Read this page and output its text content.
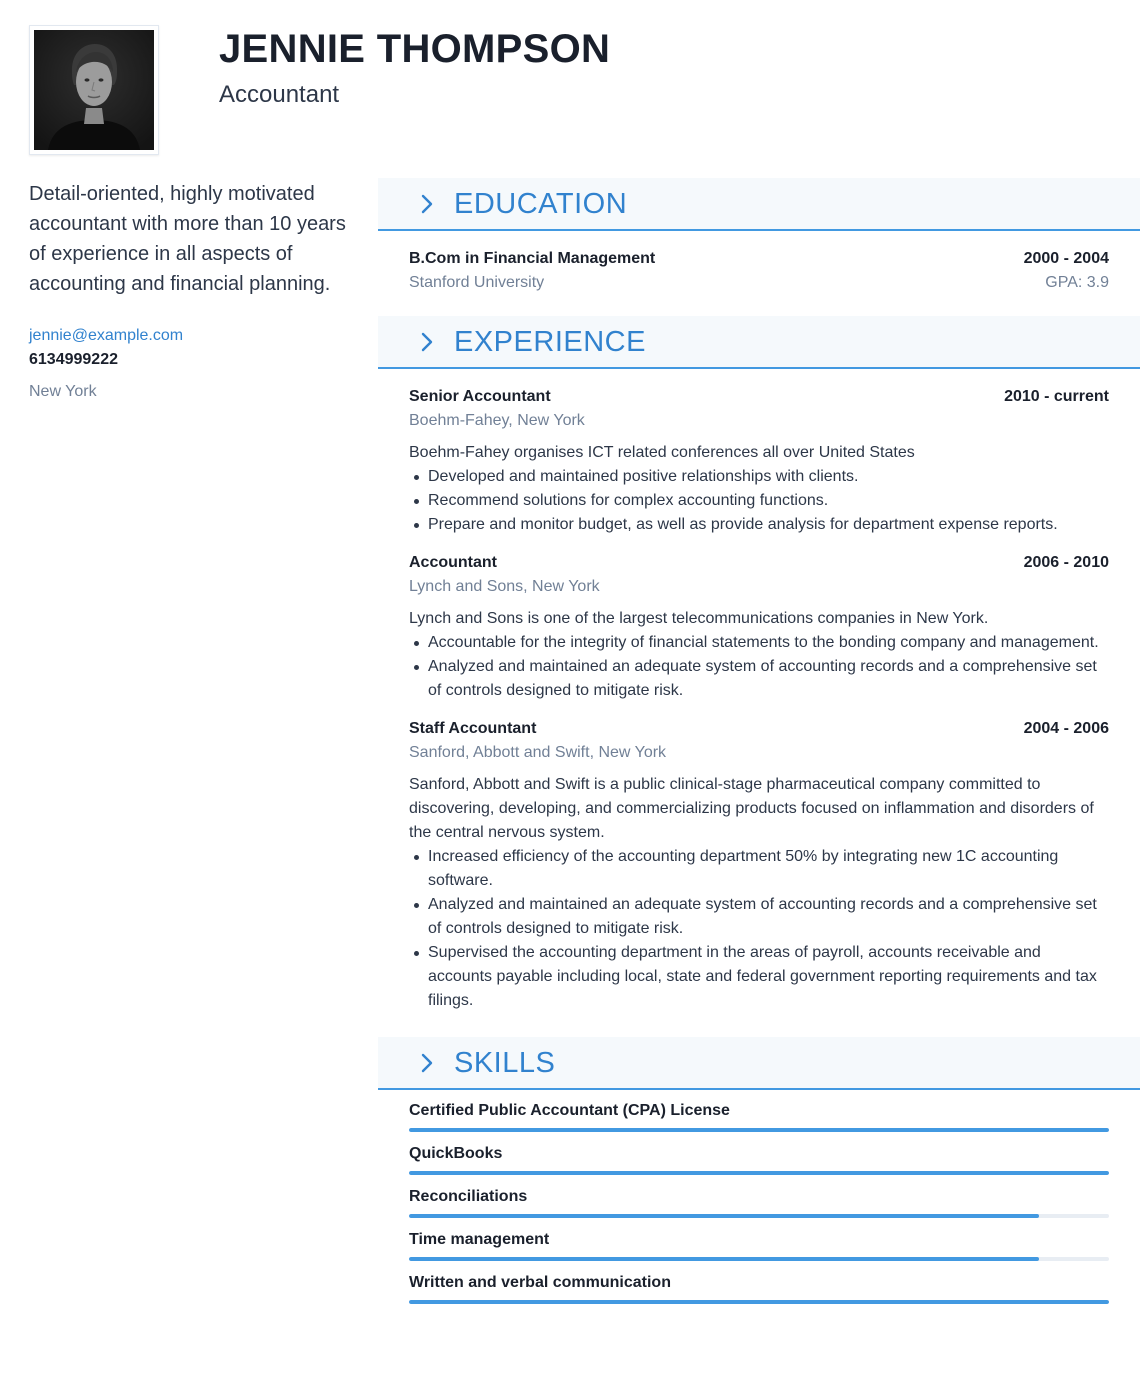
JENNIE THOMPSON
Accountant

Detail-oriented, highly motivated accountant with more than 10 years of experience in all aspects of accounting and financial planning.

jennie@example.com
6134999222
New York
EDUCATION
B.Com in Financial Management	2000 - 2004
Stanford University	GPA: 3.9
EXPERIENCE
Senior Accountant	2010 - current
Boehm-Fahey, New York

Boehm-Fahey organises ICT related conferences all over United States

Developed and maintained positive relationships with clients.
Recommend solutions for complex accounting functions.
Prepare and monitor budget, as well as provide analysis for department expense reports.
Accountant	2006 - 2010
Lynch and Sons, New York

Lynch and Sons is one of the largest telecommunications companies in New York.

Accountable for the integrity of financial statements to the bonding company and management.
Analyzed and maintained an adequate system of accounting records and a comprehensive set of controls designed to mitigate risk.
Staff Accountant	2004 - 2006
Sanford, Abbott and Swift, New York

Sanford, Abbott and Swift is a public clinical-stage pharmaceutical company committed to discovering, developing, and commercializing products focused on inflammation and disorders of the central nervous system.

Increased efficiency of the accounting department 50% by integrating new 1C accounting software.
Analyzed and maintained an adequate system of accounting records and a comprehensive set of controls designed to mitigate risk.
Supervised the accounting department in the areas of payroll, accounts receivable and accounts payable including local, state and federal government reporting requirements and tax filings.
SKILLS
Certified Public Accountant (CPA) License
QuickBooks
Reconciliations
Time management
Written and verbal communication
